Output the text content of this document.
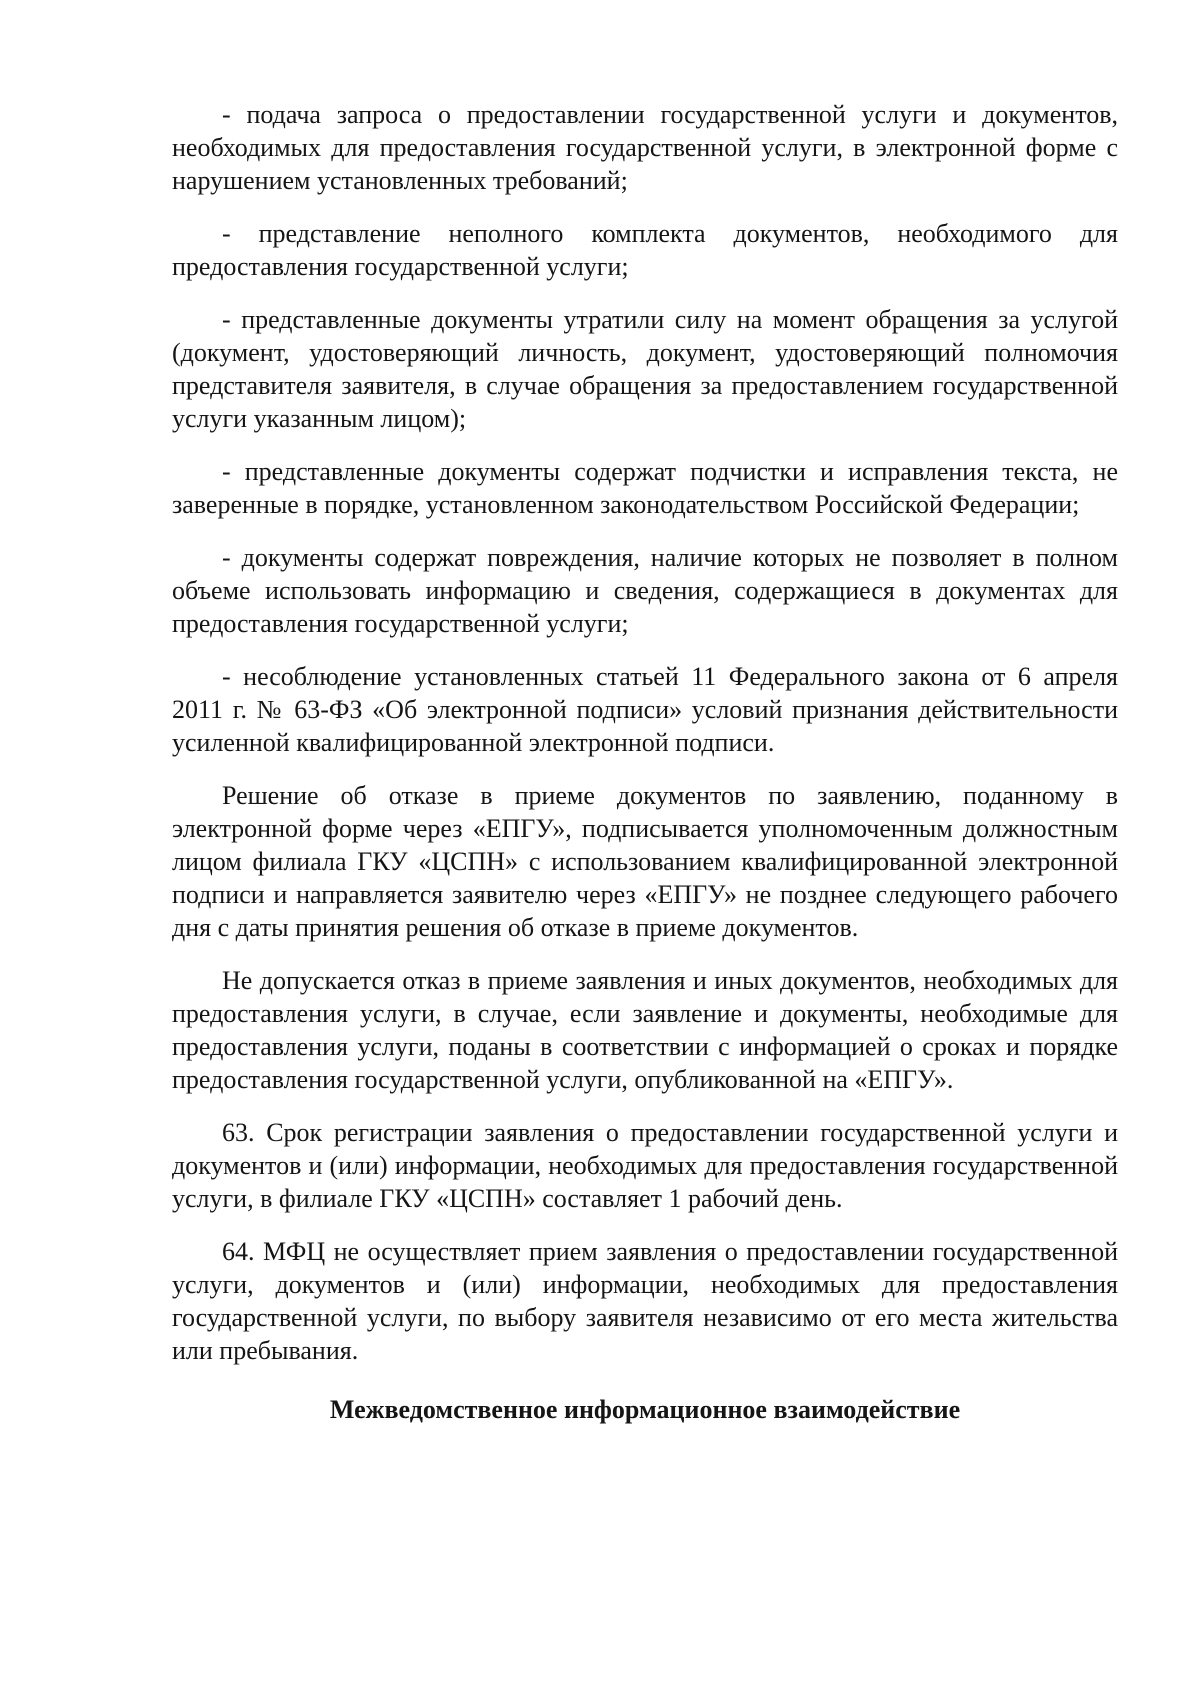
- подача запроса о предоставлении государственной услуги и документов, необходимых для предоставления государственной услуги, в электронной форме с нарушением установленных требований;

- представление неполного комплекта документов, необходимого для предоставления государственной услуги;

- представленные документы утратили силу на момент обращения за услугой (документ, удостоверяющий личность, документ, удостоверяющий полномочия представителя заявителя, в случае обращения за предоставлением государственной услуги указанным лицом);

- представленные документы содержат подчистки и исправления текста, не заверенные в порядке, установленном законодательством Российской Федерации;

- документы содержат повреждения, наличие которых не позволяет в полном объеме использовать информацию и сведения, содержащиеся в документах для предоставления государственной услуги;

- несоблюдение установленных статьей 11 Федерального закона от 6 апреля 2011 г. № 63-ФЗ «Об электронной подписи» условий признания действительности усиленной квалифицированной электронной подписи.

Решение об отказе в приеме документов по заявлению, поданному в электронной форме через «ЕПГУ», подписывается уполномоченным должностным лицом филиала ГКУ «ЦСПН» с использованием квалифицированной электронной подписи и направляется заявителю через «ЕПГУ» не позднее следующего рабочего дня с даты принятия решения об отказе в приеме документов.

Не допускается отказ в приеме заявления и иных документов, необходимых для предоставления услуги, в случае, если заявление и документы, необходимые для предоставления услуги, поданы в соответствии с информацией о сроках и порядке предоставления государственной услуги, опубликованной на «ЕПГУ».

63. Срок регистрации заявления о предоставлении государственной услуги и документов и (или) информации, необходимых для предоставления государственной услуги, в филиале ГКУ «ЦСПН» составляет 1 рабочий день.

64. МФЦ не осуществляет прием заявления о предоставлении государственной услуги, документов и (или) информации, необходимых для предоставления государственной услуги, по выбору заявителя независимо от его места жительства или пребывания.

Межведомственное информационное взаимодействие
